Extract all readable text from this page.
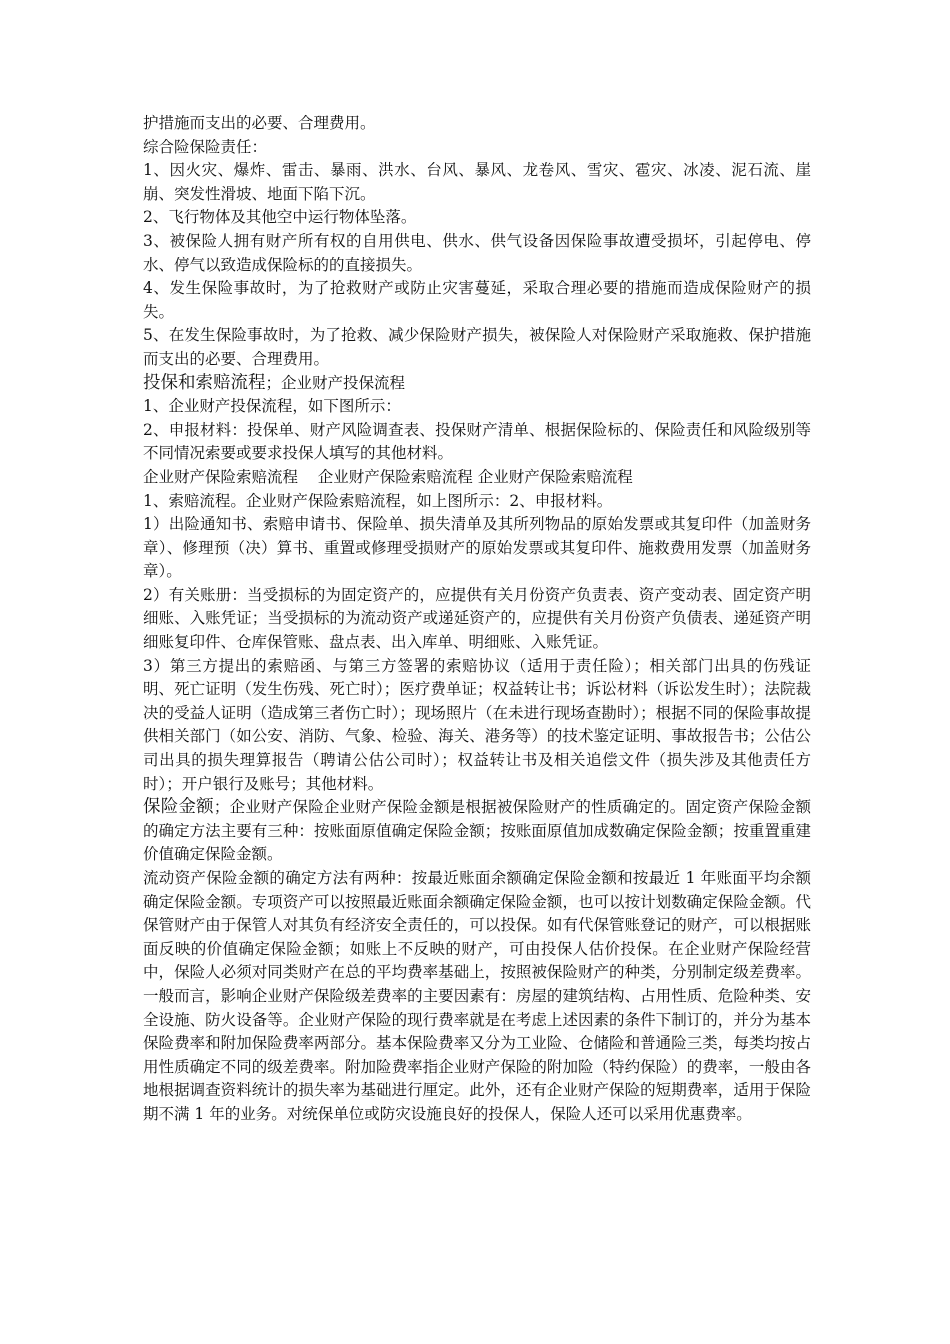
护措施而支出的必要、合理费用。

综合险保险责任：

1、因火灾、爆炸、雷击、暴雨、洪水、台风、暴风、龙卷风、雪灾、雹灾、冰凌、泥石流、崖崩、突发性滑坡、地面下陷下沉。

2、飞行物体及其他空中运行物体坠落。

3、被保险人拥有财产所有权的自用供电、供水、供气设备因保险事故遭受损坏，引起停电、停水、停气以致造成保险标的的直接损失。

4、发生保险事故时，为了抢救财产或防止灾害蔓延，采取合理必要的措施而造成保险财产的损失。

5、在发生保险事故时，为了抢救、减少保险财产损失，被保险人对保险财产采取施救、保护措施而支出的必要、合理费用。

投保和索赔流程；企业财产投保流程

1、企业财产投保流程，如下图所示：

2、申报材料：投保单、财产风险调查表、投保财产清单、根据保险标的、保险责任和风险级别等不同情况索要或要求投保人填写的其他材料。

企业财产保险索赔流程 企业财产保险索赔流程 企业财产保险索赔流程

1、索赔流程。企业财产保险索赔流程，如上图所示：2、申报材料。

1）出险通知书、索赔申请书、保险单、损失清单及其所列物品的原始发票或其复印件（加盖财务章）、修理预（决）算书、重置或修理受损财产的原始发票或其复印件、施救费用发票（加盖财务章）。

2）有关账册：当受损标的为固定资产的，应提供有关月份资产负责表、资产变动表、固定资产明细账、入账凭证；当受损标的为流动资产或递延资产的，应提供有关月份资产负债表、递延资产明细账复印件、仓库保管账、盘点表、出入库单、明细账、入账凭证。

3）第三方提出的索赔函、与第三方签署的索赔协议（适用于责任险）；相关部门出具的伤残证明、死亡证明（发生伤残、死亡时）；医疗费单证；权益转让书；诉讼材料（诉讼发生时）；法院裁决的受益人证明（造成第三者伤亡时）；现场照片（在未进行现场查勘时）；根据不同的保险事故提供相关部门（如公安、消防、气象、检验、海关、港务等）的技术鉴定证明、事故报告书；公估公司出具的损失理算报告（聘请公估公司时）；权益转让书及相关追偿文件（损失涉及其他责任方时）；开户银行及账号；其他材料。

保险金额；企业财产保险企业财产保险金额是根据被保险财产的性质确定的。固定资产保险金额的确定方法主要有三种：按账面原值确定保险金额；按账面原值加成数确定保险金额；按重置重建价值确定保险金额。

流动资产保险金额的确定方法有两种：按最近账面余额确定保险金额和按最近 1 年账面平均余额确定保险金额。专项资产可以按照最近账面余额确定保险金额，也可以按计划数确定保险金额。代保管财产由于保管人对其负有经济安全责任的，可以投保。如有代保管账登记的财产，可以根据账面反映的价值确定保险金额；如账上不反映的财产，可由投保人估价投保。在企业财产保险经营中，保险人必须对同类财产在总的平均费率基础上，按照被保险财产的种类，分别制定级差费率。一般而言，影响企业财产保险级差费率的主要因素有：房屋的建筑结构、占用性质、危险种类、安全设施、防火设备等。企业财产保险的现行费率就是在考虑上述因素的条件下制订的，并分为基本保险费率和附加保险费率两部分。基本保险费率又分为工业险、仓储险和普通险三类，每类均按占用性质确定不同的级差费率。附加险费率指企业财产保险的附加险（特约保险）的费率，一般由各地根据调查资料统计的损失率为基础进行厘定。此外，还有企业财产保险的短期费率，适用于保险期不满 1 年的业务。对统保单位或防灾设施良好的投保人，保险人还可以采用优惠费率。
